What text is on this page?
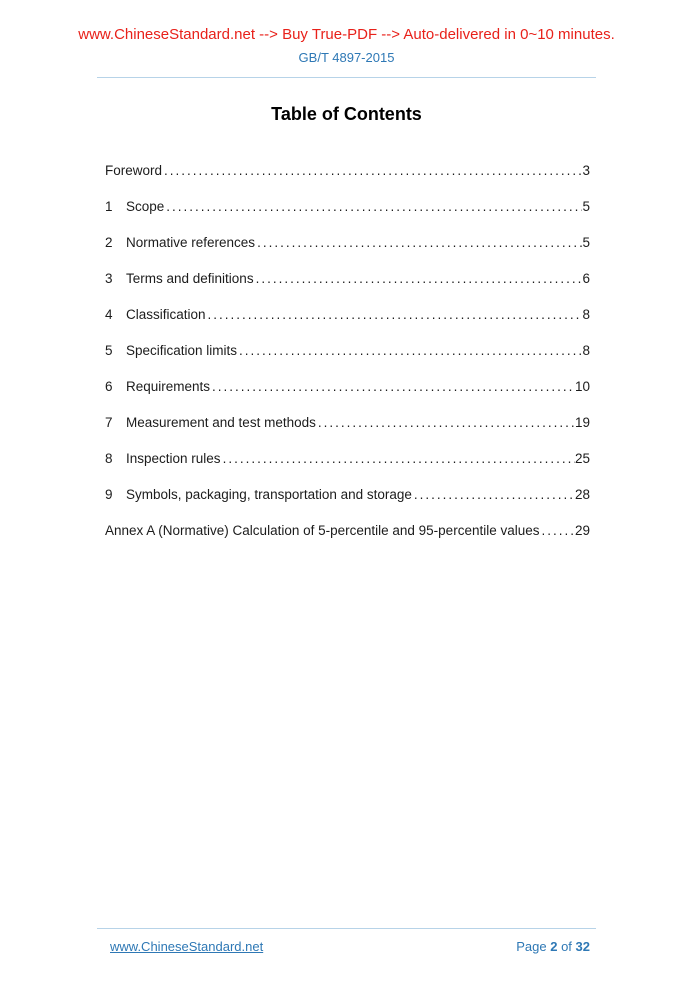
www.ChineseStandard.net --> Buy True-PDF --> Auto-delivered in 0~10 minutes.
GB/T 4897-2015
Table of Contents
Foreword .....	3
1 Scope .....	5
2 Normative references .....	5
3 Terms and definitions .....	6
4 Classification .....	8
5 Specification limits .....	8
6 Requirements .....	10
7 Measurement and test methods .....	19
8 Inspection rules .....	25
9 Symbols, packaging, transportation and storage .....	28
Annex A (Normative) Calculation of 5-percentile and 95-percentile values .....	29
www.ChineseStandard.net	Page 2 of 32
